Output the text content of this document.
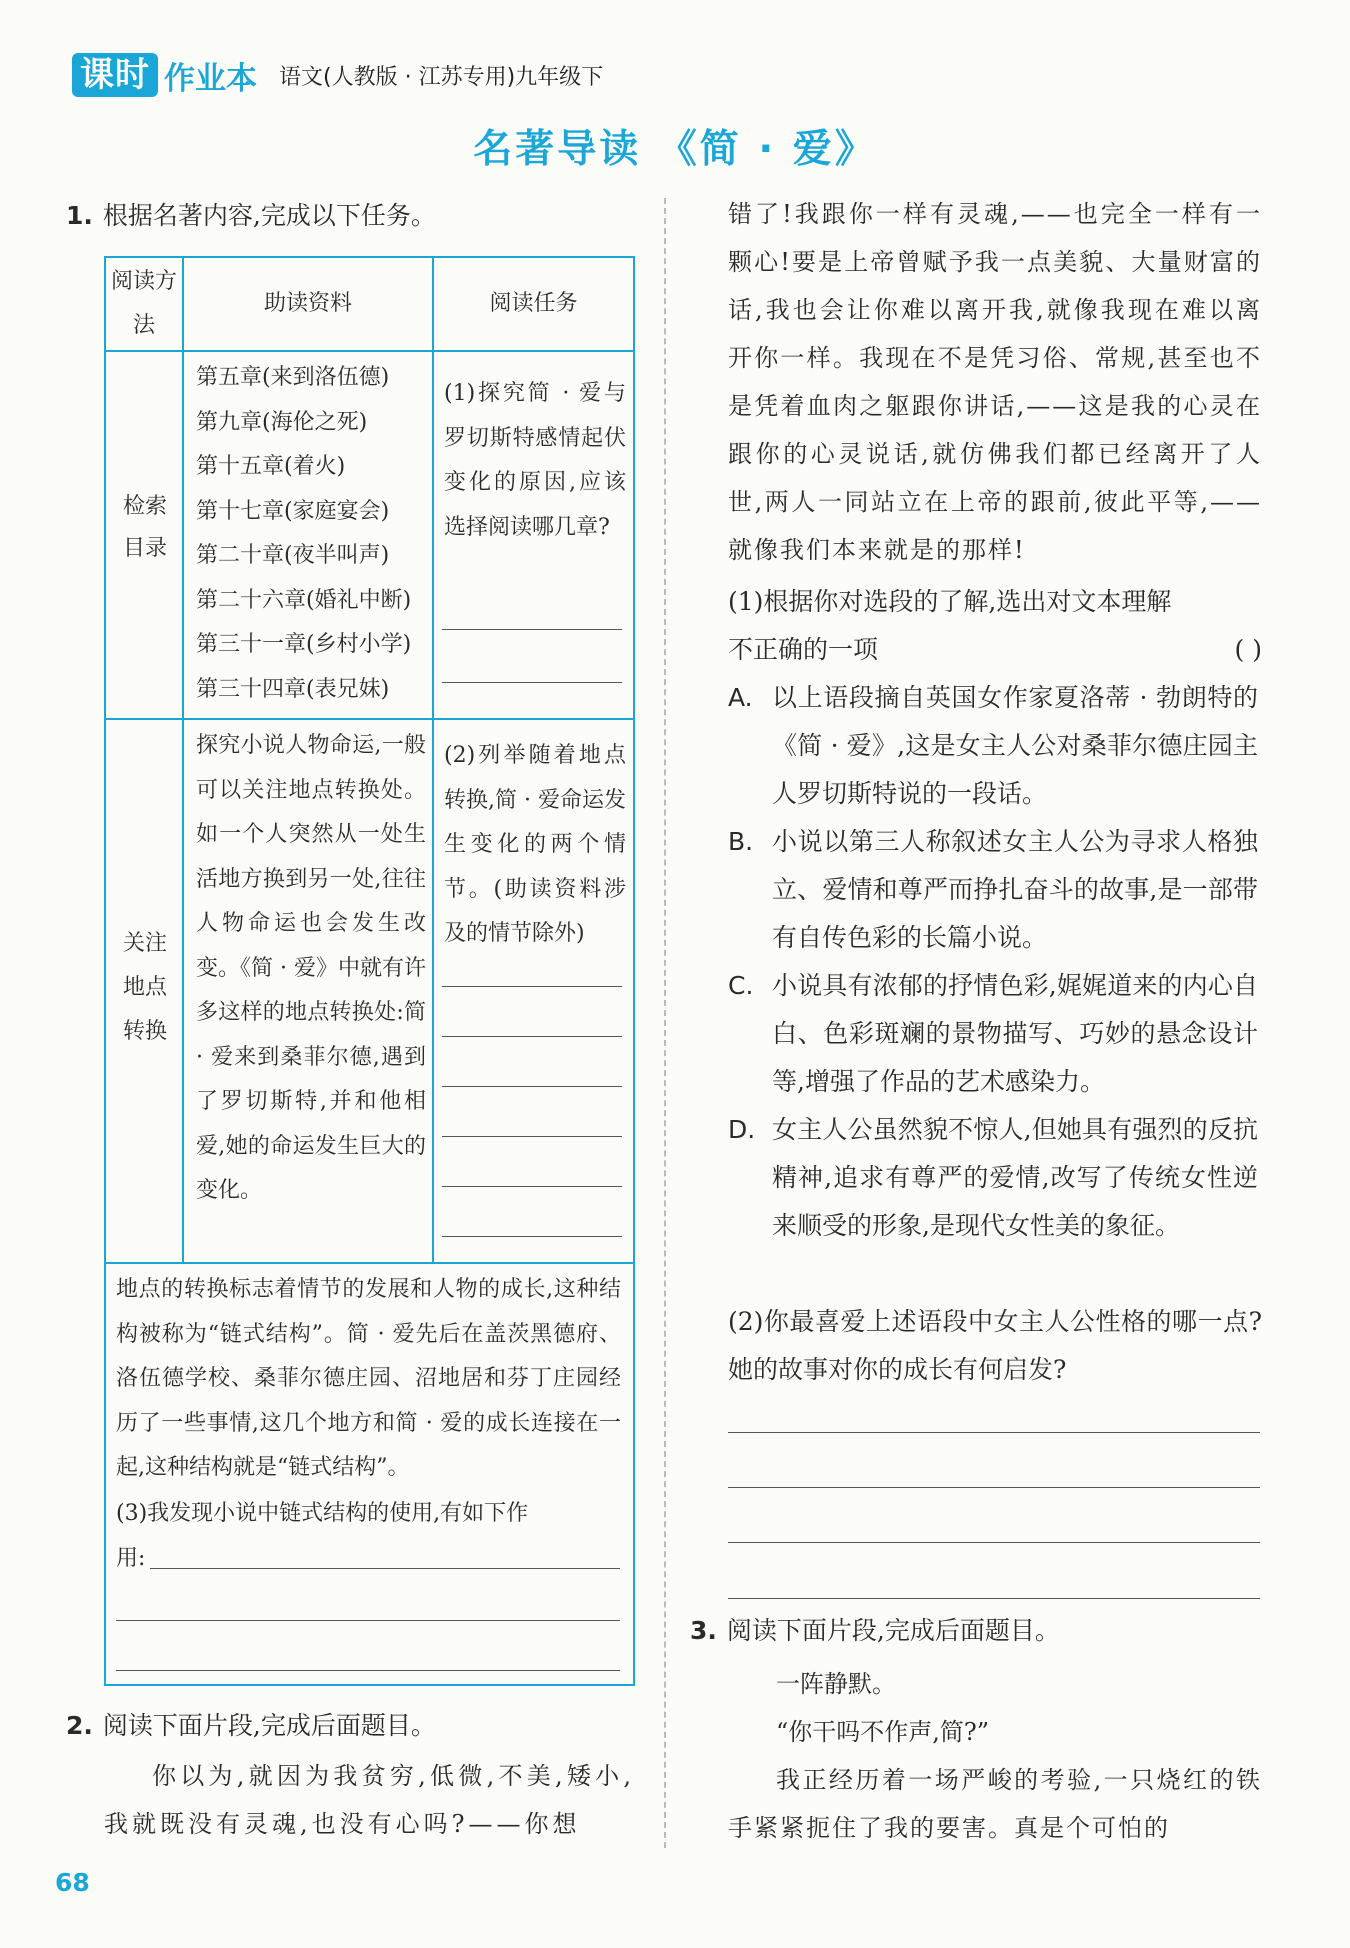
课时 作业本 语文(人教版 · 江苏专用)九年级下
名著导读 《简 · 爱》
1. 根据名著内容,完成以下任务。
阅读方法
助读资料	阅读任务
检索目录
第五章(来到洛伍德)
第九章(海伦之死)
第十五章(着火)
第十七章(家庭宴会)
第二十章(夜半叫声)
第二十六章(婚礼中断)
第三十一章(乡村小学)
第三十四章(表兄妹)
(1)探究简 · 爱与罗切斯特感情起伏变化的原因,应该选择阅读哪几章?
关注地点转换
探究小说人物命运,一般可以关注地点转换处。如一个人突然从一处生活地方换到另一处,往往人物命运也会发生改变。《简 · 爱》中就有许多这样的地点转换处:简 · 爱来到桑菲尔德,遇到了罗切斯特,并和他相爱,她的命运发生巨大的变化。
(2)列举随着地点转换,简 · 爱命运发生变化的两个情节。(助读资料涉及的情节除外)
地点的转换标志着情节的发展和人物的成长,这种结构被称为“链式结构”。简 · 爱先后在盖茨黑德府、洛伍德学校、桑菲尔德庄园、沼地居和芬丁庄园经历了一些事情,这几个地方和简 · 爱的成长连接在一起,这种结构就是“链式结构”。
(3)我发现小说中链式结构的使用,有如下作
用:
2. 阅读下面片段,完成后面题目。
你以为,就因为我贫穷,低微,不美,矮小,我就既没有灵魂,也没有心吗?——你想
错了!我跟你一样有灵魂,——也完全一样有一颗心!要是上帝曾赋予我一点美貌、大量财富的话,我也会让你难以离开我,就像我现在难以离开你一样。我现在不是凭习俗、常规,甚至也不是凭着血肉之躯跟你讲话,——这是我的心灵在跟你的心灵说话,就仿佛我们都已经离开了人世,两人一同站立在上帝的跟前,彼此平等,——就像我们本来就是的那样!
(1)根据你对选段的了解,选出对文本理解
不正确的一项	( )
A. 以上语段摘自英国女作家夏洛蒂 · 勃朗特的《简 · 爱》,这是女主人公对桑菲尔德庄园主人罗切斯特说的一段话。
B. 小说以第三人称叙述女主人公为寻求人格独立、爱情和尊严而挣扎奋斗的故事,是一部带有自传色彩的长篇小说。
C. 小说具有浓郁的抒情色彩,娓娓道来的内心自白、色彩斑斓的景物描写、巧妙的悬念设计等,增强了作品的艺术感染力。
D. 女主人公虽然貌不惊人,但她具有强烈的反抗精神,追求有尊严的爱情,改写了传统女性逆来顺受的形象,是现代女性美的象征。
(2)你最喜爱上述语段中女主人公性格的哪一点?她的故事对你的成长有何启发?
3. 阅读下面片段,完成后面题目。
一阵静默。
“你干吗不作声,简?”
我正经历着一场严峻的考验,一只烧红的铁手紧紧扼住了我的要害。真是个可怕的
68
